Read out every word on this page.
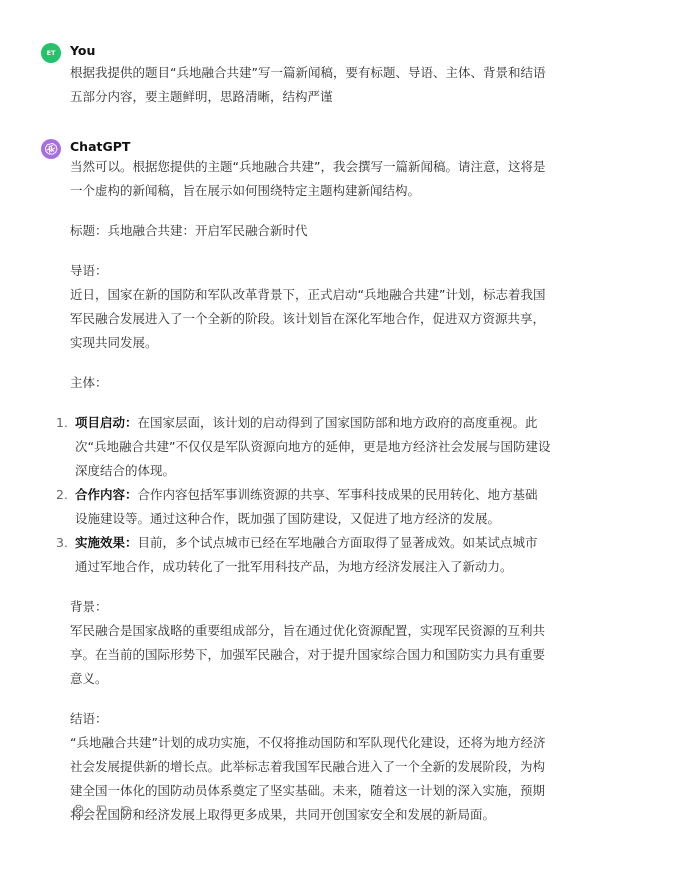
ET You

根据我提供的题目“兵地融合共建”写一篇新闻稿，要有标题、导语、主体、背景和结语
五部分内容，要主题鲜明，思路清晰，结构严谨

ChatGPT

当然可以。根据您提供的主题“兵地融合共建”，我会撰写一篇新闻稿。请注意，这将是
一个虚构的新闻稿，旨在展示如何围绕特定主题构建新闻结构。

标题：兵地融合共建：开启军民融合新时代

导语：

近日，国家在新的国防和军队改革背景下，正式启动“兵地融合共建”计划，标志着我国
军民融合发展进入了一个全新的阶段。该计划旨在深化军地合作，促进双方资源共享，
实现共同发展。

主体：

1. 项目启动：在国家层面，该计划的启动得到了国家国防部和地方政府的高度重视。此
次“兵地融合共建”不仅仅是军队资源向地方的延伸，更是地方经济社会发展与国防建设
深度结合的体现。
2. 合作内容：合作内容包括军事训练资源的共享、军事科技成果的民用转化、地方基础
设施建设等。通过这种合作，既加强了国防建设，又促进了地方经济的发展。
3. 实施效果：目前，多个试点城市已经在军地融合方面取得了显著成效。如某试点城市
通过军地合作，成功转化了一批军用科技产品，为地方经济发展注入了新动力。

背景：

军民融合是国家战略的重要组成部分，旨在通过优化资源配置，实现军民资源的互利共
享。在当前的国际形势下，加强军民融合，对于提升国家综合国力和国防实力具有重要
意义。

结语：

“兵地融合共建”计划的成功实施，不仅将推动国防和军队现代化建设，还将为地方经济
社会发展提供新的增长点。此举标志着我国军民融合进入了一个全新的发展阶段，为构
建全国一体化的国防动员体系奠定了坚实基础。未来，随着这一计划的深入实施，预期
将会在国防和经济发展上取得更多成果，共同开创国家安全和发展的新局面。
